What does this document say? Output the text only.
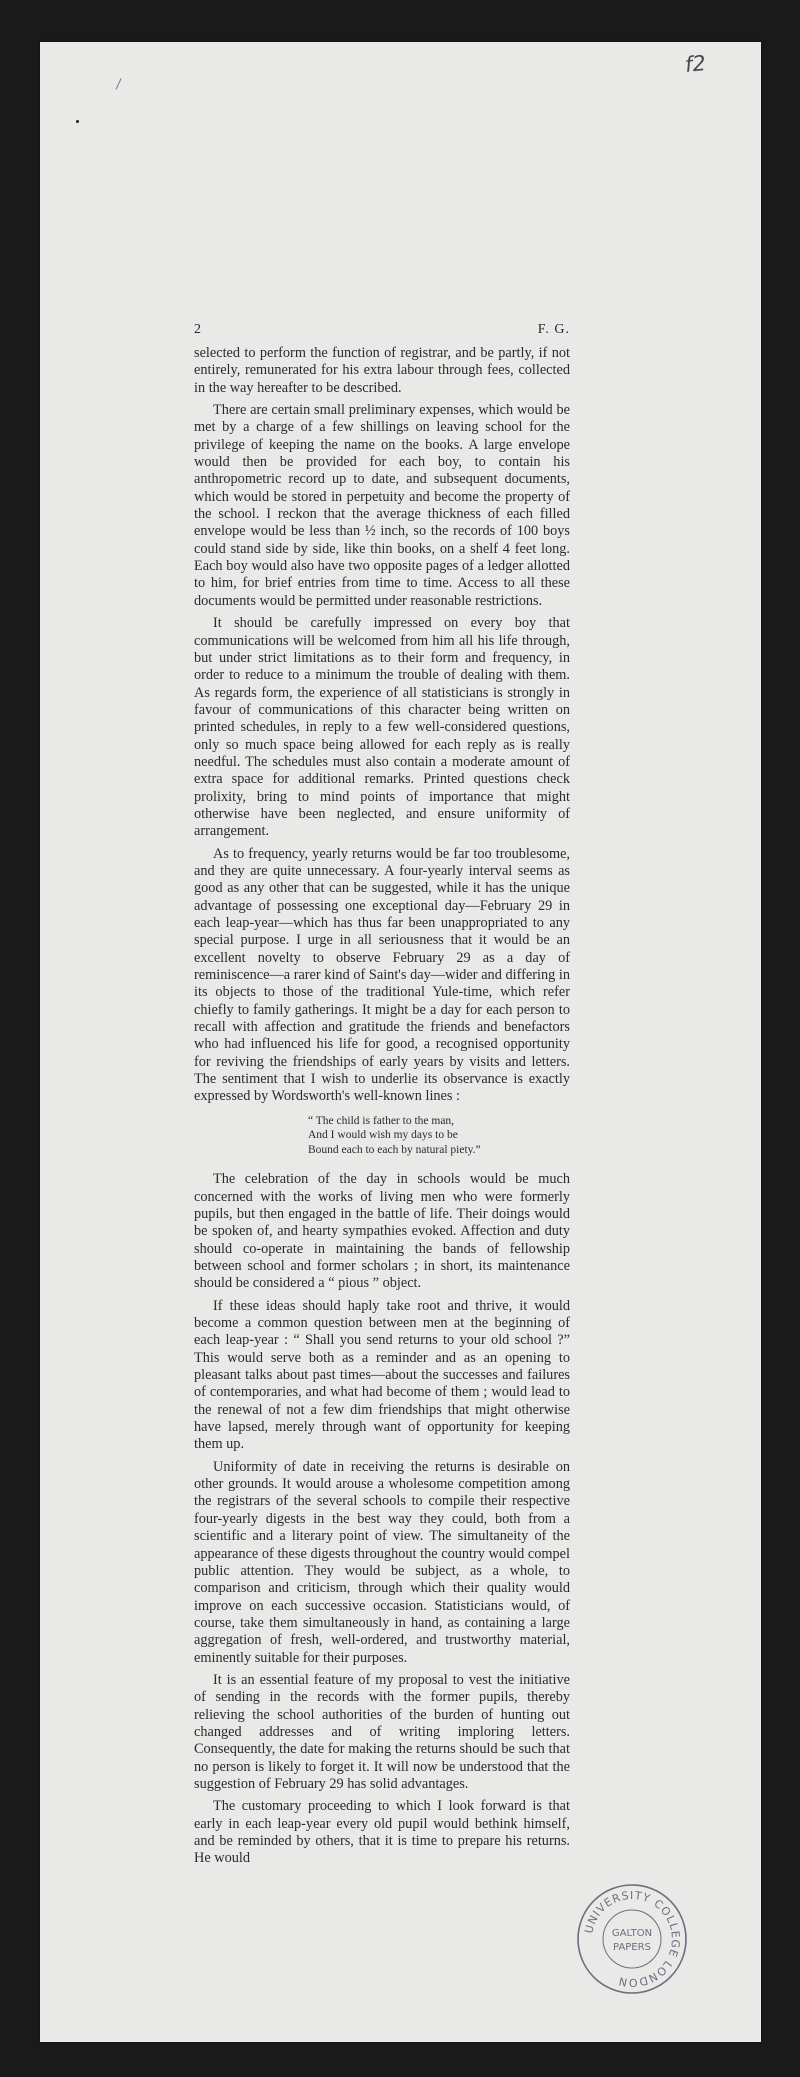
f2
2	F. G.

selected to perform the function of registrar, and be partly, if not entirely, remunerated for his extra labour through fees, collected in the way hereafter to be described.

There are certain small preliminary expenses, which would be met by a charge of a few shillings on leaving school for the privilege of keeping the name on the books. A large envelope would then be provided for each boy, to contain his anthropometric record up to date, and subsequent documents, which would be stored in perpetuity and become the property of the school. I reckon that the average thickness of each filled envelope would be less than ½ inch, so the records of 100 boys could stand side by side, like thin books, on a shelf 4 feet long. Each boy would also have two opposite pages of a ledger allotted to him, for brief entries from time to time. Access to all these documents would be permitted under reasonable restrictions.

It should be carefully impressed on every boy that communications will be welcomed from him all his life through, but under strict limitations as to their form and frequency, in order to reduce to a minimum the trouble of dealing with them. As regards form, the experience of all statisticians is strongly in favour of communications of this character being written on printed schedules, in reply to a few well-considered questions, only so much space being allowed for each reply as is really needful. The schedules must also contain a moderate amount of extra space for additional remarks. Printed questions check prolixity, bring to mind points of importance that might otherwise have been neglected, and ensure uniformity of arrangement.

As to frequency, yearly returns would be far too troublesome, and they are quite unnecessary. A four-yearly interval seems as good as any other that can be suggested, while it has the unique advantage of possessing one exceptional day—February 29 in each leap-year—which has thus far been unappropriated to any special purpose. I urge in all seriousness that it would be an excellent novelty to observe February 29 as a day of reminiscence—a rarer kind of Saint's day—wider and differing in its objects to those of the traditional Yule-time, which refer chiefly to family gatherings. It might be a day for each person to recall with affection and gratitude the friends and benefactors who had influenced his life for good, a recognised opportunity for reviving the friendships of early years by visits and letters. The sentiment that I wish to underlie its observance is exactly expressed by Wordsworth's well-known lines :

“ The child is father to the man,
And I would wish my days to be
Bound each to each by natural piety.”

The celebration of the day in schools would be much concerned with the works of living men who were formerly pupils, but then engaged in the battle of life. Their doings would be spoken of, and hearty sympathies evoked. Affection and duty should co-operate in maintaining the bands of fellowship between school and former scholars ; in short, its maintenance should be considered a “ pious ” object.

If these ideas should haply take root and thrive, it would become a common question between men at the beginning of each leap-year : “ Shall you send returns to your old school ?” This would serve both as a reminder and as an opening to pleasant talks about past times—about the successes and failures of contemporaries, and what had become of them ; would lead to the renewal of not a few dim friendships that might otherwise have lapsed, merely through want of opportunity for keeping them up.

Uniformity of date in receiving the returns is desirable on other grounds. It would arouse a wholesome competition among the registrars of the several schools to compile their respective four-yearly digests in the best way they could, both from a scientific and a literary point of view. The simultaneity of the appearance of these digests throughout the country would compel public attention. They would be subject, as a whole, to comparison and criticism, through which their quality would improve on each successive occasion. Statisticians would, of course, take them simultaneously in hand, as containing a large aggregation of fresh, well-ordered, and trustworthy material, eminently suitable for their purposes.

It is an essential feature of my proposal to vest the initiative of sending in the records with the former pupils, thereby relieving the school authorities of the burden of hunting out changed addresses and of writing imploring letters. Consequently, the date for making the returns should be such that no person is likely to forget it. It will now be understood that the suggestion of February 29 has solid advantages.

The customary proceeding to which I look forward is that early in each leap-year every old pupil would bethink himself, and be reminded by others, that it is time to prepare his returns. He would

UNIVERSITY COLLEGE LONDON
GALTON
PAPERS
